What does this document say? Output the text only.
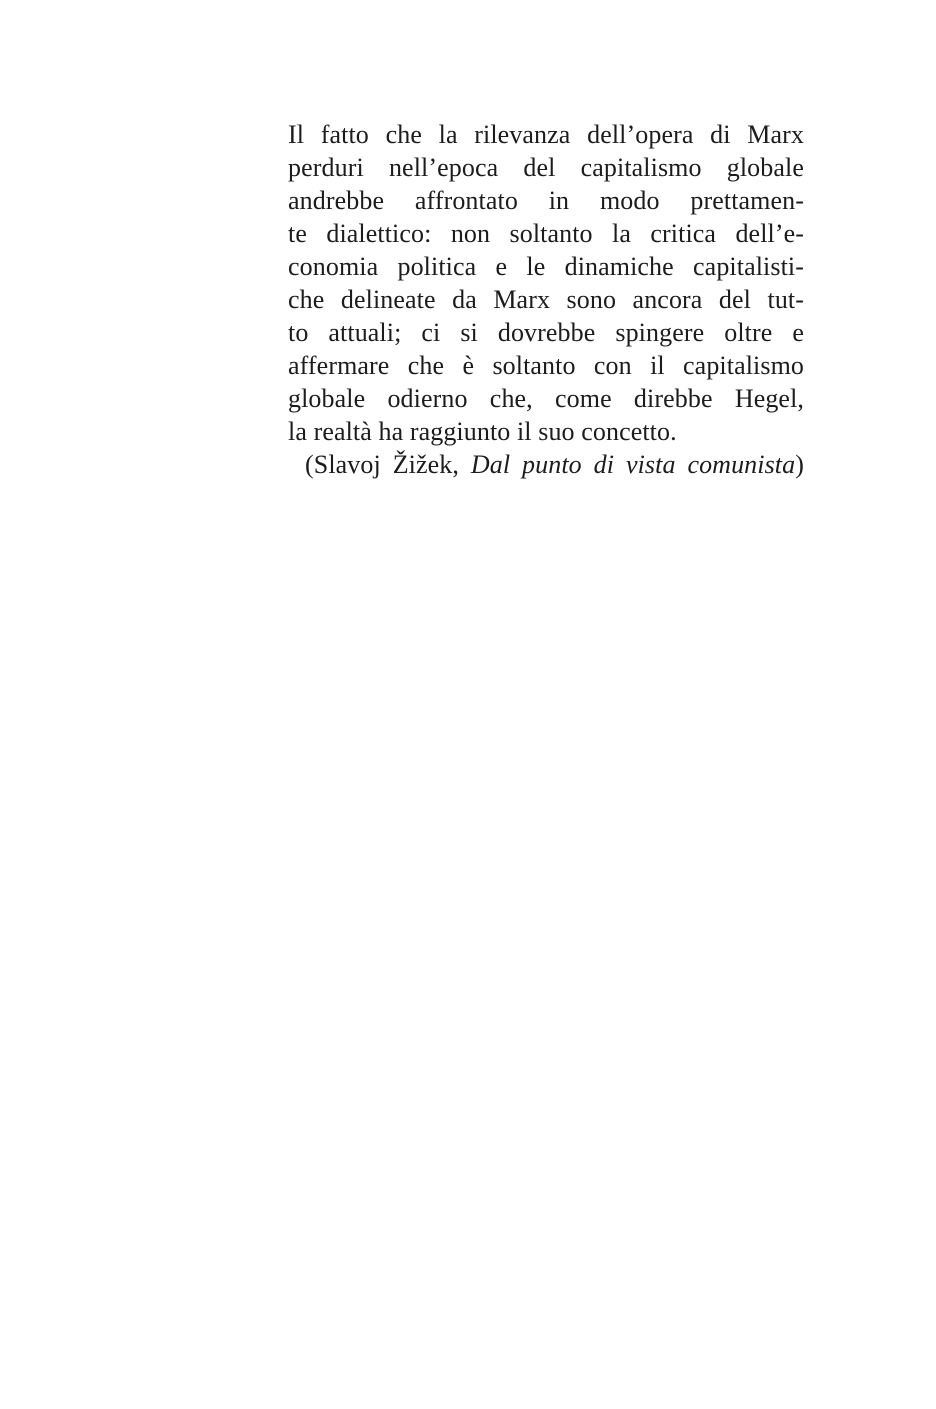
Il fatto che la rilevanza dell’opera di Marx
perduri nell’epoca del capitalismo globale
andrebbe affrontato in modo prettamen-
te dialettico: non soltanto la critica dell’e-
conomia politica e le dinamiche capitalisti-
che delineate da Marx sono ancora del tut-
to attuali; ci si dovrebbe spingere oltre e
affermare che è soltanto con il capitalismo
globale odierno che, come direbbe Hegel,
la realtà ha raggiunto il suo concetto.
(Slavoj Žižek, Dal punto di vista comunista)
